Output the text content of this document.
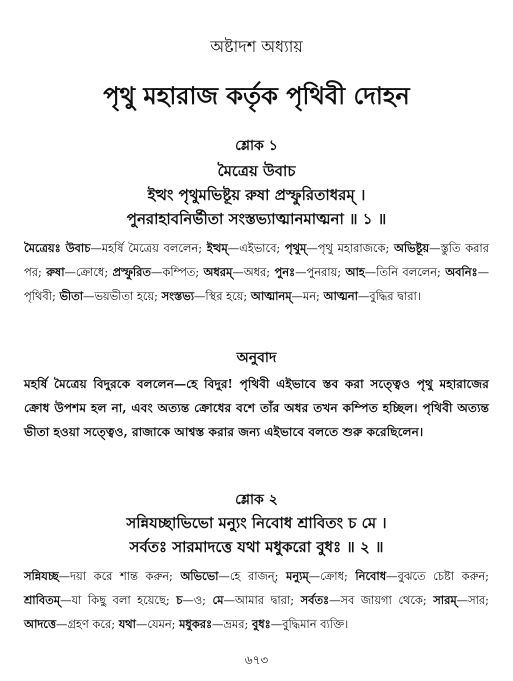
অষ্টাদশ অধ্যায়
পৃথু মহারাজ কর্তৃক পৃথিবী দোহন
শ্লোক ১
মৈত্রেয় উবাচ
ইত্থং পৃথুমভিষ্টূয় রুষা প্রস্ফুরিতাধরম্ ।
পুনরাহাবনির্ভীতা সংস্তভ্যাত্মানমাত্মনা ॥ ১ ॥
মৈত্রেয়ঃ উবাচ—মহর্ষি মৈত্রেয় বললেন; ইত্থম্—এইভাবে; পৃথুম্—পৃথু মহারাজকে; অভিষ্টূয়—স্তুতি করার পর; রুষা—ক্রোধে; প্রস্ফুরিত—কম্পিত; অধরম্—অধর; পুনঃ—পুনরায়; আহ—তিনি বললেন; অবনিঃ—পৃথিবী; ভীতা—ভয়ভীতা হয়ে; সংস্তভ্য—স্থির হয়ে; আত্মানম্—মন; আত্মনা—বুদ্ধির দ্বারা।
অনুবাদ
মহর্ষি মৈত্রেয় বিদুরকে বললেন—হে বিদুর! পৃথিবী এইভাবে স্তব করা সত্ত্বেও পৃথু মহারাজের ক্রোধ উপশম হল না, এবং অত্যন্ত ক্রোধের বশে তাঁর অধর তখন কম্পিত হচ্ছিল। পৃথিবী অত্যন্ত ভীতা হওয়া সত্ত্বেও, রাজাকে আশ্বস্ত করার জন্য এইভাবে বলতে শুরু করেছিলেন।
শ্লোক ২
সন্নিযচ্ছাভিভো মন্যুং নিবোধ শ্রাবিতং চ মে ।
সর্বতঃ সারমাদত্তে যথা মধুকরো বুধঃ ॥ ২ ॥
সন্নিযচ্ছ—দয়া করে শান্ত করুন; অভিভো—হে রাজন্; মন্যুম্—ক্রোধ; নিবোধ—বুঝতে চেষ্টা করুন; শ্রাবিতম্—যা কিছু বলা হয়েছে; চ—ও; মে—আমার দ্বারা; সর্বতঃ—সব জায়গা থেকে; সারম্—সার; আদত্তে—গ্রহণ করে; যথা—যেমন; মধুকরঃ—ভ্রমর; বুধঃ—বুদ্ধিমান ব্যক্তি।
৬৭৩
